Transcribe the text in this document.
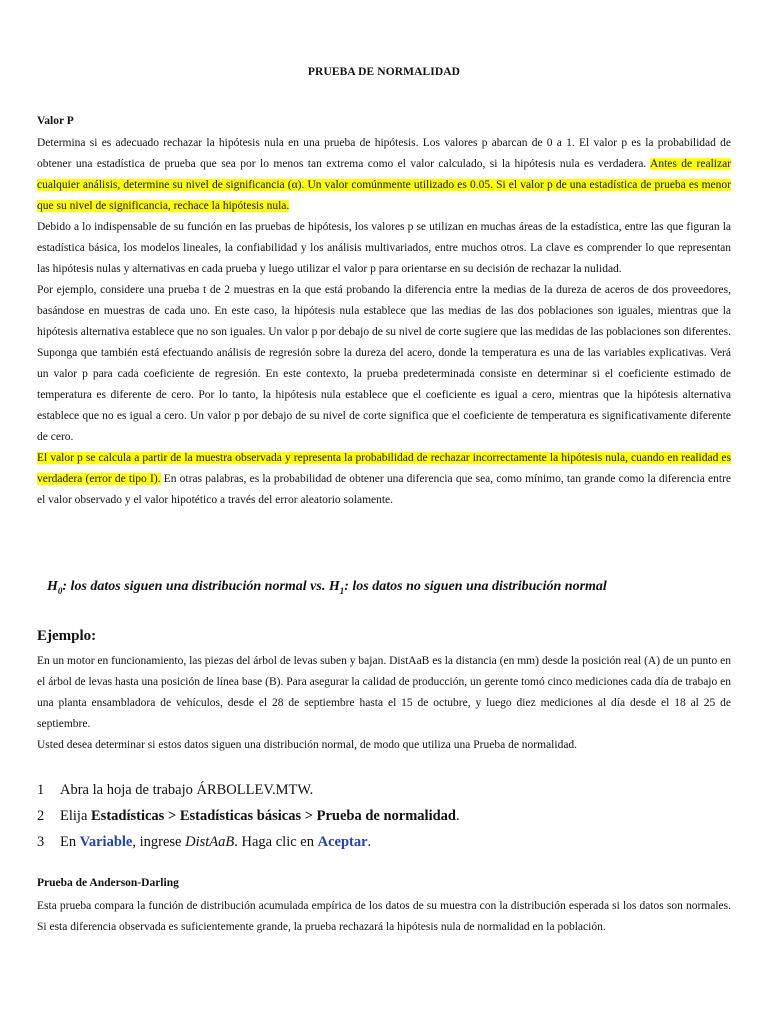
PRUEBA DE NORMALIDAD
Valor P

Determina si es adecuado rechazar la hipótesis nula en una prueba de hipótesis. Los valores p abarcan de 0 a 1. El valor p es la probabilidad de obtener una estadística de prueba que sea por lo menos tan extrema como el valor calculado, si la hipótesis nula es verdadera. Antes de realizar cualquier análisis, determine su nivel de significancia (α). Un valor comúnmente utilizado es 0.05. Si el valor p de una estadística de prueba es menor que su nivel de significancia, rechace la hipótesis nula.

Debido a lo indispensable de su función en las pruebas de hipótesis, los valores p se utilizan en muchas áreas de la estadística, entre las que figuran la estadística básica, los modelos lineales, la confiabilidad y los análisis multivariados, entre muchos otros. La clave es comprender lo que representan las hipótesis nulas y alternativas en cada prueba y luego utilizar el valor p para orientarse en su decisión de rechazar la nulidad.

Por ejemplo, considere una prueba t de 2 muestras en la que está probando la diferencia entre la medias de la dureza de aceros de dos proveedores, basándose en muestras de cada uno. En este caso, la hipótesis nula establece que las medias de las dos poblaciones son iguales, mientras que la hipótesis alternativa establece que no son iguales. Un valor p por debajo de su nivel de corte sugiere que las medidas de las poblaciones son diferentes.

Suponga que también está efectuando análisis de regresión sobre la dureza del acero, donde la temperatura es una de las variables explicativas. Verá un valor p para cada coeficiente de regresión. En este contexto, la prueba predeterminada consiste en determinar si el coeficiente estimado de temperatura es diferente de cero. Por lo tanto, la hipótesis nula establece que el coeficiente es igual a cero, mientras que la hipótesis alternativa establece que no es igual a cero. Un valor p por debajo de su nivel de corte significa que el coeficiente de temperatura es significativamente diferente de cero.

El valor p se calcula a partir de la muestra observada y representa la probabilidad de rechazar incorrectamente la hipótesis nula, cuando en realidad es verdadera (error de tipo I). En otras palabras, es la probabilidad de obtener una diferencia que sea, como mínimo, tan grande como la diferencia entre el valor observado y el valor hipotético a través del error aleatorio solamente.

$H_0$: los datos siguen una distribución normal vs. $H_1$: los datos no siguen una distribución normal
Ejemplo:

En un motor en funcionamiento, las piezas del árbol de levas suben y bajan. DistAaB es la distancia (en mm) desde la posición real (A) de un punto en el árbol de levas hasta una posición de línea base (B). Para asegurar la calidad de producción, un gerente tomó cinco mediciones cada día de trabajo en una planta ensambladora de vehículos, desde el 28 de septiembre hasta el 15 de octubre, y luego diez mediciones al día desde el 18 al 25 de septiembre.

Usted desea determinar si estos datos siguen una distribución normal, de modo que utiliza una Prueba de normalidad.

1	Abra la hoja de trabajo ÁRBOLLEV.MTW.
2	Elija Estadísticas > Estadísticas básicas > Prueba de normalidad.
3	En Variable, ingrese DistAaB. Haga clic en Aceptar.
Prueba de Anderson-Darling

Esta prueba compara la función de distribución acumulada empírica de los datos de su muestra con la distribución esperada si los datos son normales. Si esta diferencia observada es suficientemente grande, la prueba rechazará la hipótesis nula de normalidad en la población.
